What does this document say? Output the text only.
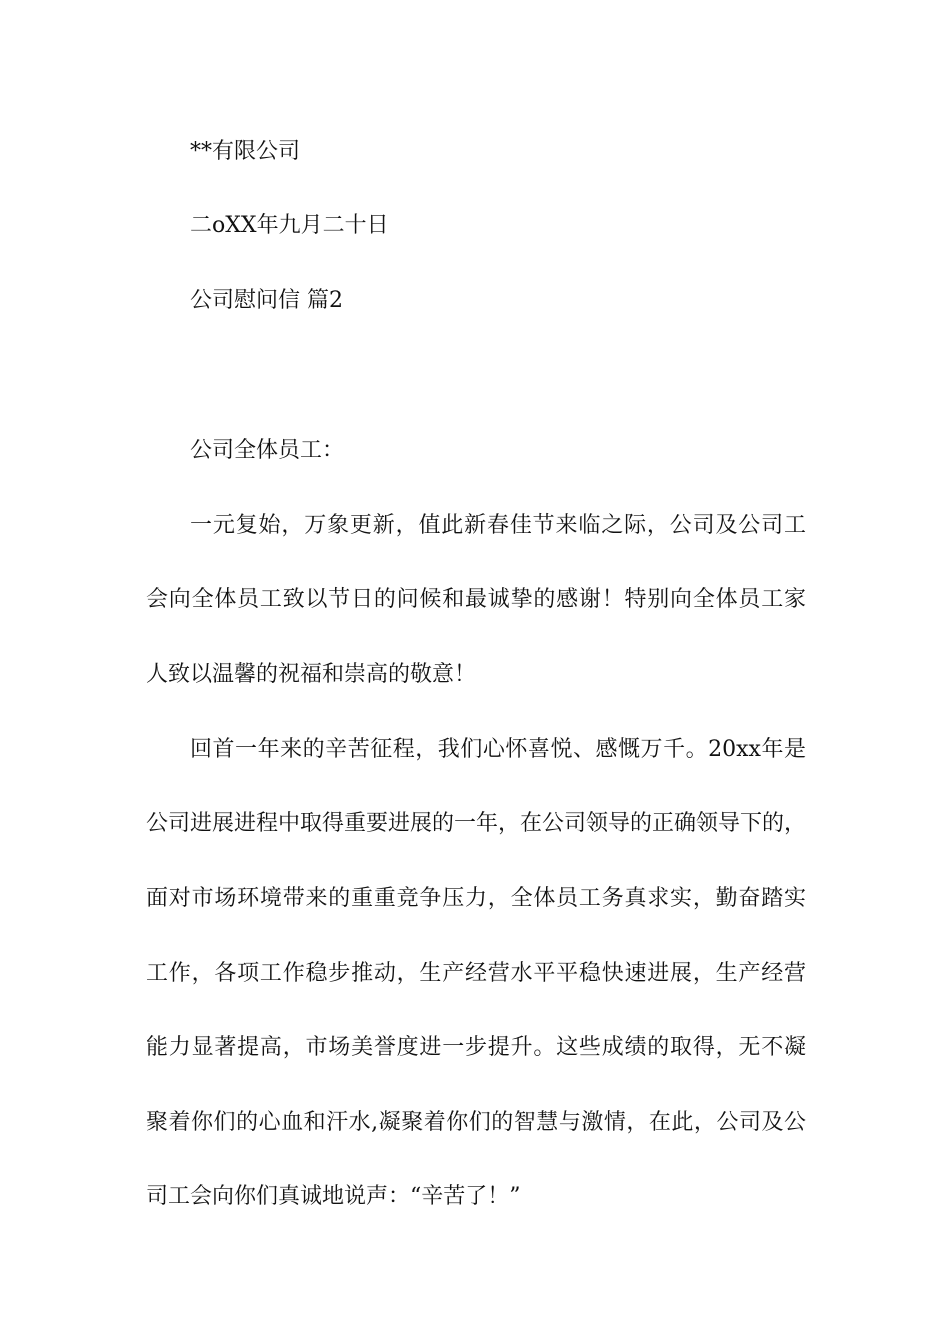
**有限公司
二oXX年九月二十日
公司慰问信 篇2
公司全体员工：
一元复始，万象更新，值此新春佳节来临之际，公司及公司工
会向全体员工致以节日的问候和最诚挚的感谢！特别向全体员工家
人致以温馨的祝福和崇高的敬意！
回首一年来的辛苦征程，我们心怀喜悦、感慨万千。20xx年是
公司进展进程中取得重要进展的一年，在公司领导的正确领导下的，
面对市场环境带来的重重竞争压力，全体员工务真求实，勤奋踏实
工作，各项工作稳步推动，生产经营水平平稳快速进展，生产经营
能力显著提高，市场美誉度进一步提升。这些成绩的取得，无不凝
聚着你们的心血和汗水,凝聚着你们的智慧与激情，在此，公司及公
司工会向你们真诚地说声：“辛苦了！”
